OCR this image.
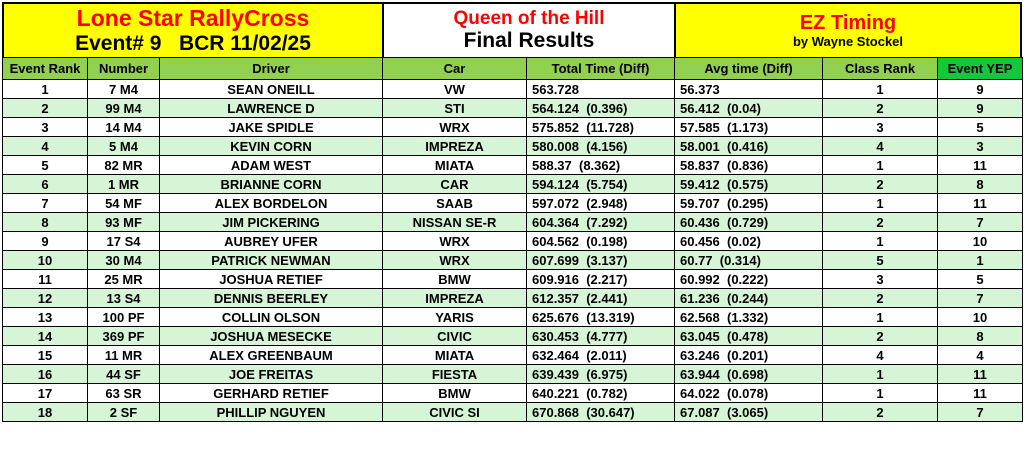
Lone Star RallyCross
Event# 9   BCR 11/02/25
Queen of the Hill
Final Results
EZ Timing
by Wayne Stockel
Event Rank	Number	Driver	Car	Total Time (Diff)	Avg time (Diff)	Class Rank	Event YEP
1	7 M4	SEAN ONEILL	VW	563.728	56.373	1	9
2	99 M4	LAWRENCE D	STI	564.124  (0.396)	56.412  (0.04)	2	9
3	14 M4	JAKE SPIDLE	WRX	575.852  (11.728)	57.585  (1.173)	3	5
4	5 M4	KEVIN CORN	IMPREZA	580.008  (4.156)	58.001  (0.416)	4	3
5	82 MR	ADAM WEST	MIATA	588.37  (8.362)	58.837  (0.836)	1	11
6	1 MR	BRIANNE CORN	CAR	594.124  (5.754)	59.412  (0.575)	2	8
7	54 MF	ALEX BORDELON	SAAB	597.072  (2.948)	59.707  (0.295)	1	11
8	93 MF	JIM PICKERING	NISSAN SE-R	604.364  (7.292)	60.436  (0.729)	2	7
9	17 S4	AUBREY UFER	WRX	604.562  (0.198)	60.456  (0.02)	1	10
10	30 M4	PATRICK NEWMAN	WRX	607.699  (3.137)	60.77  (0.314)	5	1
11	25 MR	JOSHUA RETIEF	BMW	609.916  (2.217)	60.992  (0.222)	3	5
12	13 S4	DENNIS BEERLEY	IMPREZA	612.357  (2.441)	61.236  (0.244)	2	7
13	100 PF	COLLIN OLSON	YARIS	625.676  (13.319)	62.568  (1.332)	1	10
14	369 PF	JOSHUA MESECKE	CIVIC	630.453  (4.777)	63.045  (0.478)	2	8
15	11 MR	ALEX GREENBAUM	MIATA	632.464  (2.011)	63.246  (0.201)	4	4
16	44 SF	JOE FREITAS	FIESTA	639.439  (6.975)	63.944  (0.698)	1	11
17	63 SR	GERHARD RETIEF	BMW	640.221  (0.782)	64.022  (0.078)	1	11
18	2 SF	PHILLIP NGUYEN	CIVIC SI	670.868  (30.647)	67.087  (3.065)	2	7
